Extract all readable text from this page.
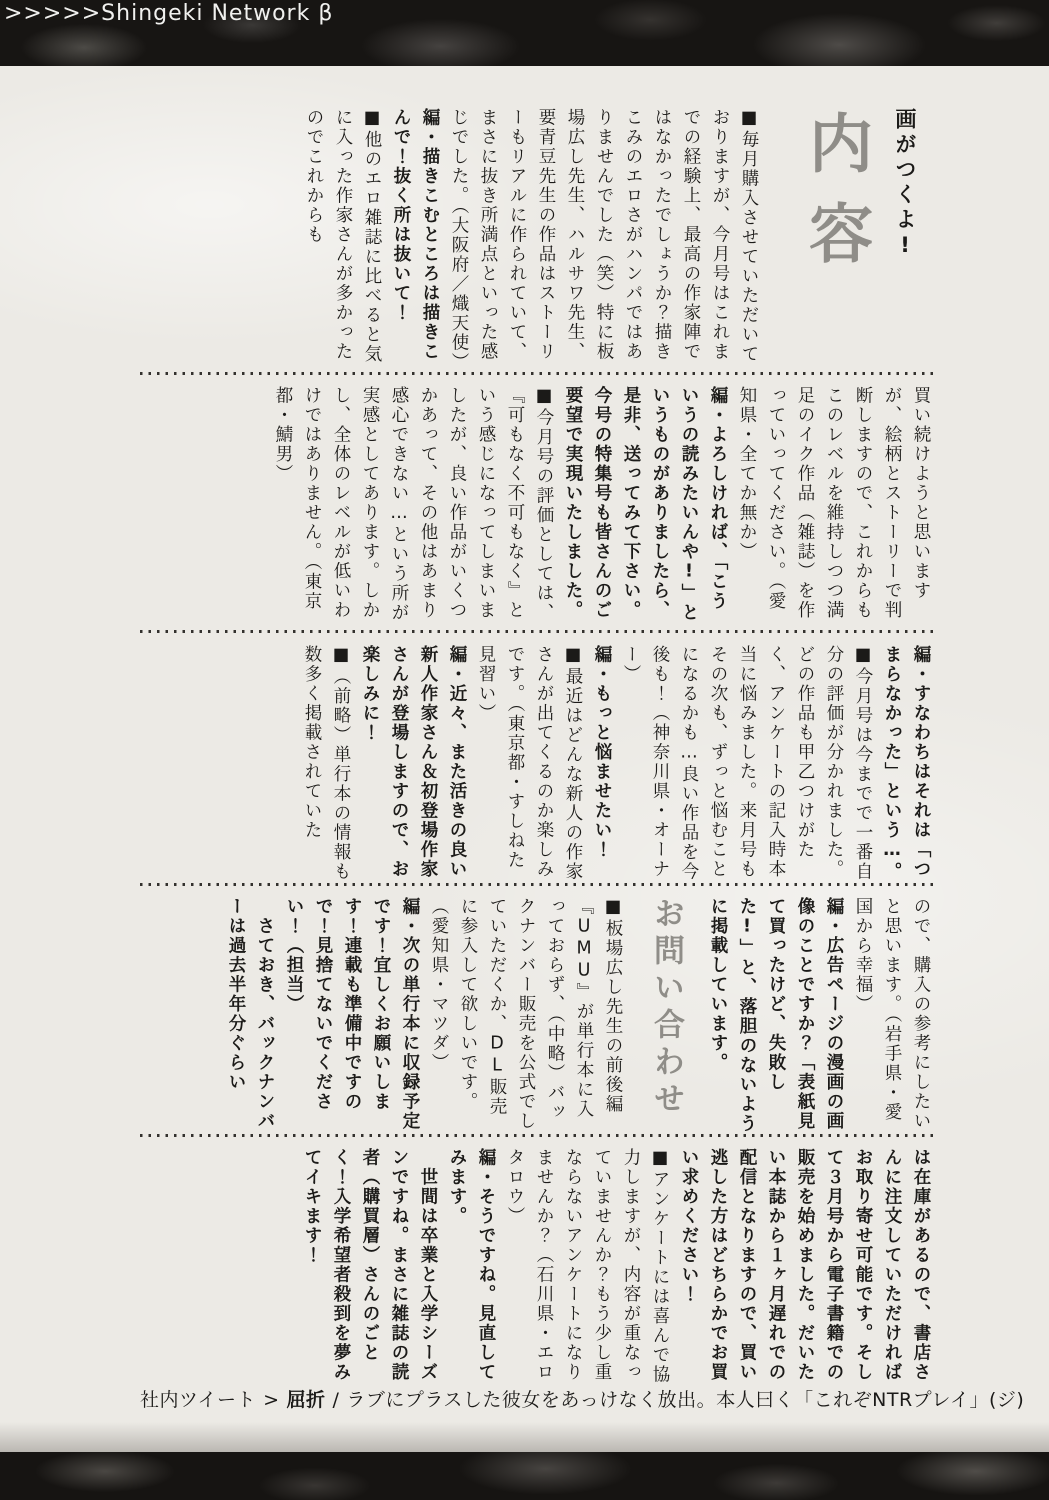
>>>>>Shingeki Network β

画がつくよ!

内容

■毎月購入させていただいておりますが、今月号はこれまでの経験上、最高の作家陣ではなかったでしょうか？描きこみのエロさがハンパではありませんでした（笑）特に板場広し先生、ハルサワ先生、要青豆先生の作品はストーリーもリアルに作られていて、まさに抜き所満点といった感じでした。（大阪府／熾天使）

編・描きこむところは描きこんで！抜く所は抜いて！

■他のエロ雑誌に比べると気に入った作家さんが多かったのでこれからも

買い続けようと思いますが、絵柄とストーリーで判断しますので、これからもこのレベルを維持しつつ満足のイク作品（雑誌）を作っていってください。（愛知県・全てか無か）

編・よろしければ、「こういうの読みたいんや!」というものがありましたら、是非、送ってみて下さい。今号の特集号も皆さんのご要望で実現いたしました。

■今月号の評価としては、『可もなく不可もなく』という感じになってしまいましたが、良い作品がいくつかあって、その他はあまり感心できない…という所が実感としてあります。しかし、全体のレベルが低いわけではありません。（東京都・鯖男）

編・すなわちはそれは「つまらなかった」という…。

■今月号は今までで一番自分の評価が分かれました。どの作品も甲乙つけがたく、アンケートの記入時本当に悩みました。来月号もその次も、ずっと悩むことになるかも…良い作品を今後も！（神奈川県・オーナー）

編・もっと悩ませたい！

■最近はどんな新人の作家さんが出てくるのか楽しみです。（東京都・すしねた見習い）

編・近々、また活きの良い新人作家さん＆初登場作家さんが登場しますので、お楽しみに！

■（前略）単行本の情報も数多く掲載されていた

ので、購入の参考にしたいと思います。（岩手県・愛国から幸福）

編・広告ページの漫画の画像のことですか？「表紙見て買ったけど、失敗した!」と、落胆のないように掲載しています。

お問い合わせ

■板場広し先生の前後編『UMU』が単行本に入っておらず、（中略）バックナンバー販売を公式でしていただくか、DL販売に参入して欲しいです。（愛知県・マツダ）

編・次の単行本に収録予定です！宜しくお願いします！連載も準備中ですので！見捨てないでください！（担当）

　さておき、バックナンバーは過去半年分ぐらい

は在庫があるので、書店さんに注文していただければお取り寄せ可能です。そして３月号から電子書籍での販売を始めました。だいたい本誌から１ヶ月遅れでの配信となりますので、買い逃した方はどちらかでお買い求めください！

■アンケートには喜んで協力しますが、内容が重なっていませんか？もう少し重ならないアンケートになりませんか？（石川県・エロタロウ）

編・そうですね。見直してみます。

　世間は卒業と入学シーズンですね。まさに雑誌の読者（購買層）さんのごとく！入学希望者殺到を夢みてイキます！

社内ツイート > 屈折 / ラブにプラスした彼女をあっけなく放出。本人曰く「これぞNTRプレイ」(ジ)
